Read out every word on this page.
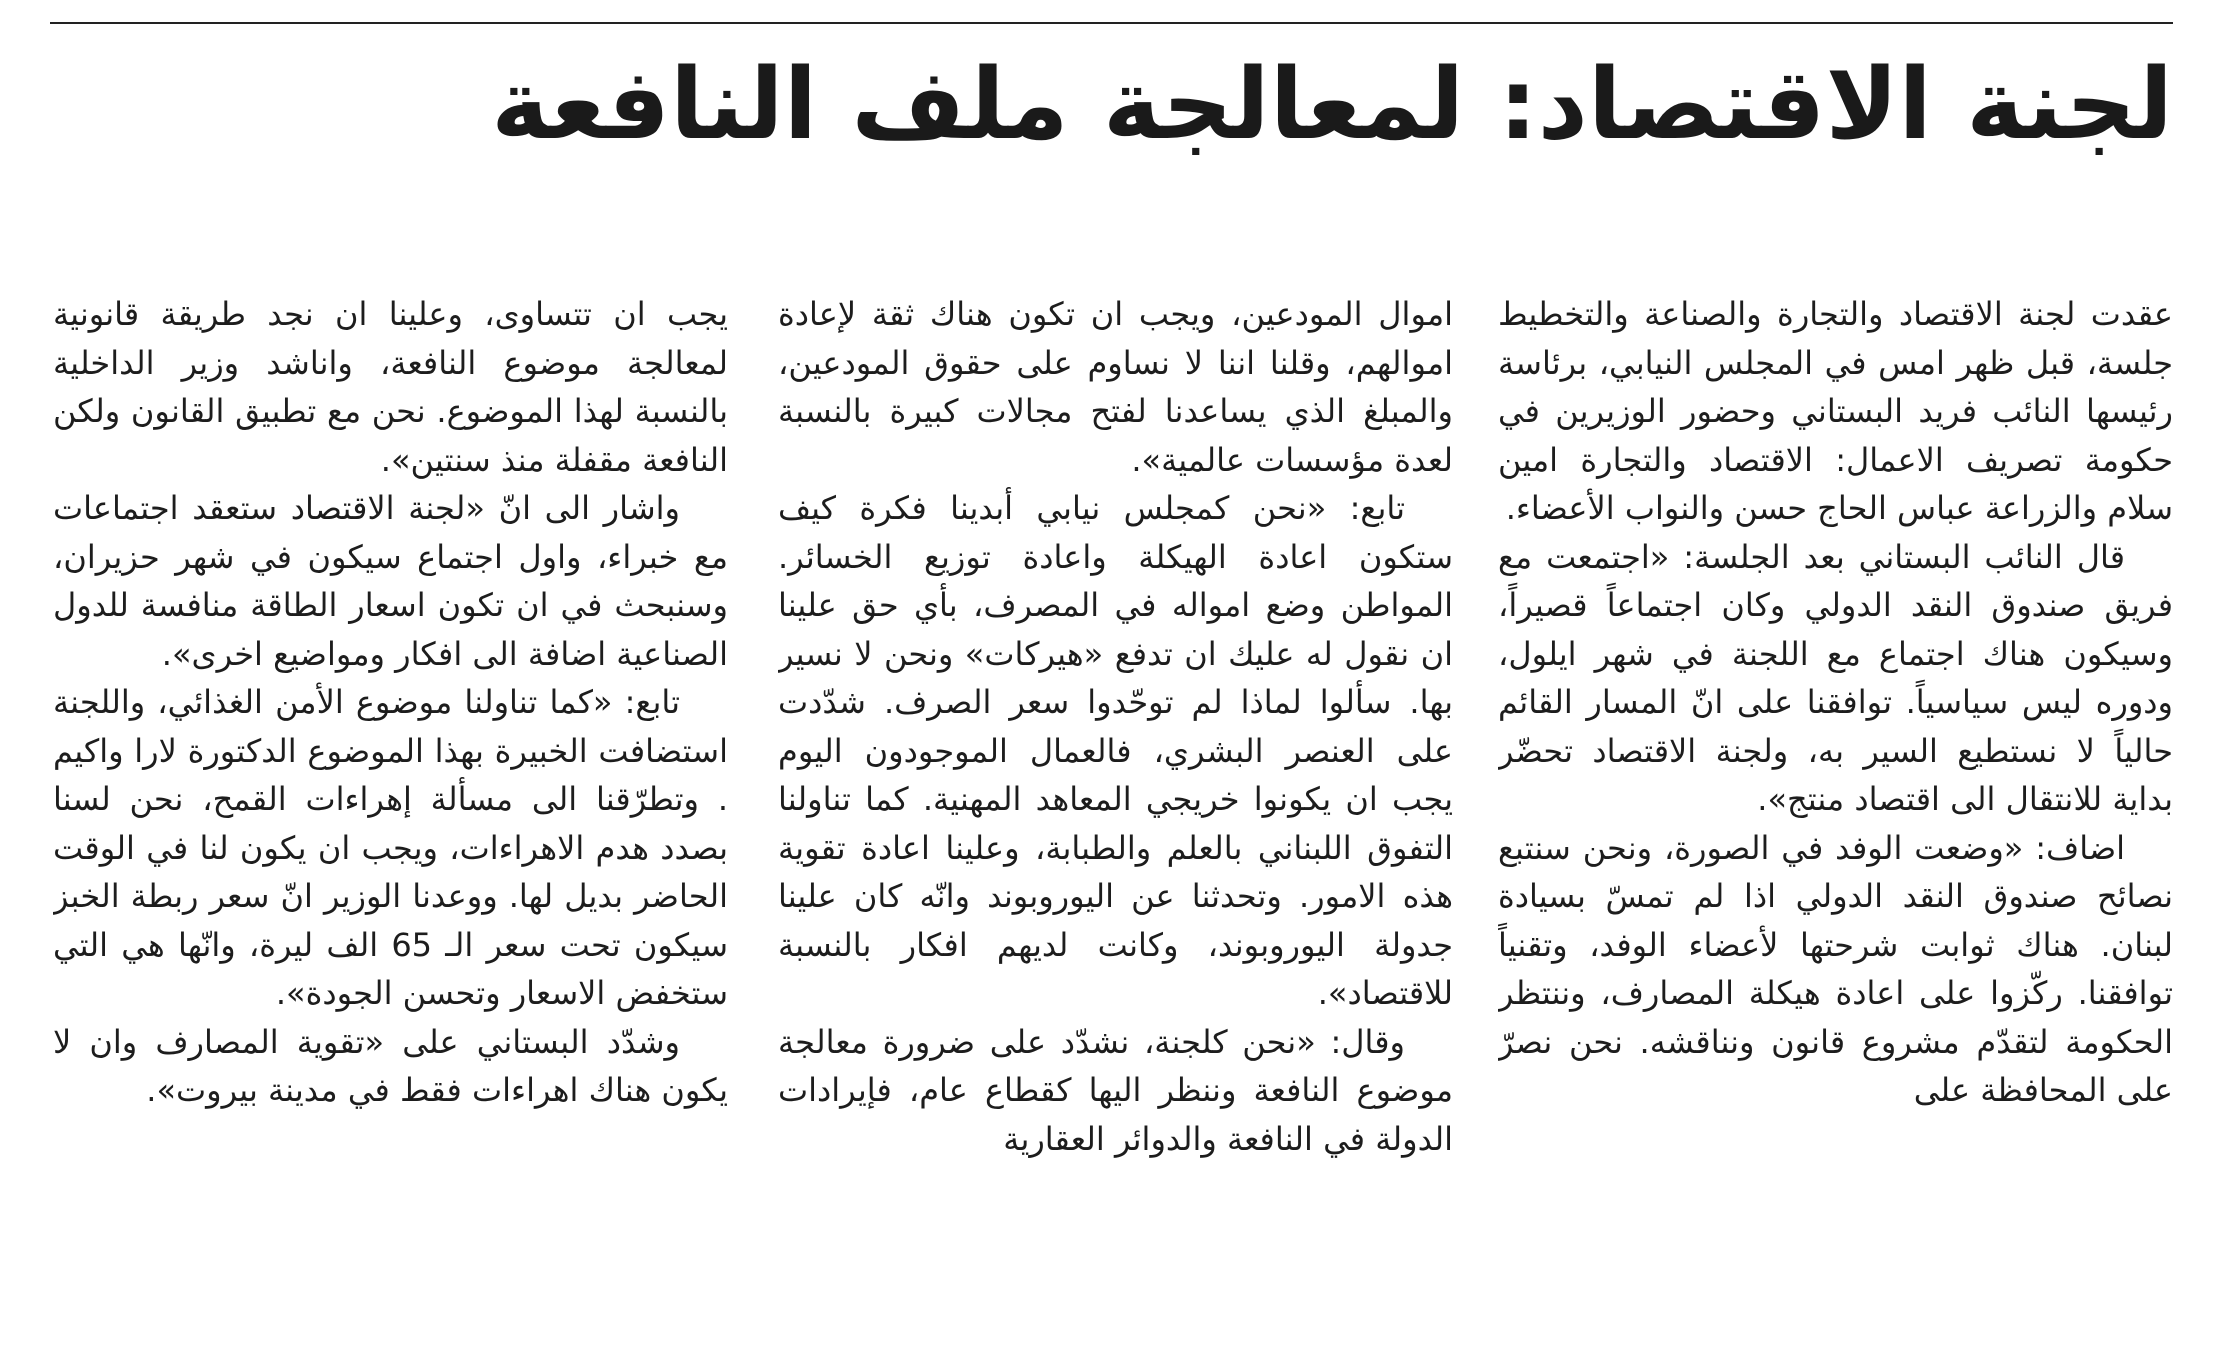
لجنة الاقتصاد: لمعالجة ملف النافعة

عقدت لجنة الاقتصاد والتجارة والصناعة والتخطيط جلسة، قبل ظهر امس في المجلس النيابي، برئاسة رئيسها النائب فريد البستاني وحضور الوزيرين في حكومة تصريف الاعمال: الاقتصاد والتجارة امين سلام والزراعة عباس الحاج حسن والنواب الأعضاء.

قال النائب البستاني بعد الجلسة: «اجتمعت مع فريق صندوق النقد الدولي وكان اجتماعاً قصيراً، وسيكون هناك اجتماع مع اللجنة في شهر ايلول، ودوره ليس سياسياً. توافقنا على انّ المسار القائم حالياً لا نستطيع السير به، ولجنة الاقتصاد تحضّر بداية للانتقال الى اقتصاد منتج».

اضاف: «وضعت الوفد في الصورة، ونحن سنتبع نصائح صندوق النقد الدولي اذا لم تمسّ بسيادة لبنان. هناك ثوابت شرحتها لأعضاء الوفد، وتقنياً توافقنا. ركّزوا على اعادة هيكلة المصارف، وننتظر الحكومة لتقدّم مشروع قانون ونناقشه. نحن نصرّ على المحافظة على

اموال المودعين، ويجب ان تكون هناك ثقة لإعادة اموالهم، وقلنا اننا لا نساوم على حقوق المودعين، والمبلغ الذي يساعدنا لفتح مجالات كبيرة بالنسبة لعدة مؤسسات عالمية».

تابع: «نحن كمجلس نيابي أبدينا فكرة كيف ستكون اعادة الهيكلة واعادة توزيع الخسائر. المواطن وضع امواله في المصرف، بأي حق علينا ان نقول له عليك ان تدفع «هيركات» ونحن لا نسير بها. سألوا لماذا لم توحّدوا سعر الصرف. شدّدت على العنصر البشري، فالعمال الموجودون اليوم يجب ان يكونوا خريجي المعاهد المهنية. كما تناولنا التفوق اللبناني بالعلم والطبابة، وعلينا اعادة تقوية هذه الامور. وتحدثنا عن اليوروبوند وانّه كان علينا جدولة اليوروبوند، وكانت لديهم افكار بالنسبة للاقتصاد».

وقال: «نحن كلجنة، نشدّد على ضرورة معالجة موضوع النافعة وننظر اليها كقطاع عام، فإيرادات الدولة في النافعة والدوائر العقارية

يجب ان تتساوى، وعلينا ان نجد طريقة قانونية لمعالجة موضوع النافعة، واناشد وزير الداخلية بالنسبة لهذا الموضوع. نحن مع تطبيق القانون ولكن النافعة مقفلة منذ سنتين».

واشار الى انّ «لجنة الاقتصاد ستعقد اجتماعات مع خبراء، واول اجتماع سيكون في شهر حزيران، وسنبحث في ان تكون اسعار الطاقة منافسة للدول الصناعية اضافة الى افكار ومواضيع اخرى».

تابع: «كما تناولنا موضوع الأمن الغذائي، واللجنة استضافت الخبيرة بهذا الموضوع الدكتورة لارا واكيم . وتطرّقنا الى مسألة إهراءات القمح، نحن لسنا بصدد هدم الاهراءات، ويجب ان يكون لنا في الوقت الحاضر بديل لها. ووعدنا الوزير انّ سعر ربطة الخبز سيكون تحت سعر الـ 65 الف ليرة، وانّها هي التي ستخفض الاسعار وتحسن الجودة».

وشدّد البستاني على «تقوية المصارف وان لا يكون هناك اهراءات فقط في مدينة بيروت».
